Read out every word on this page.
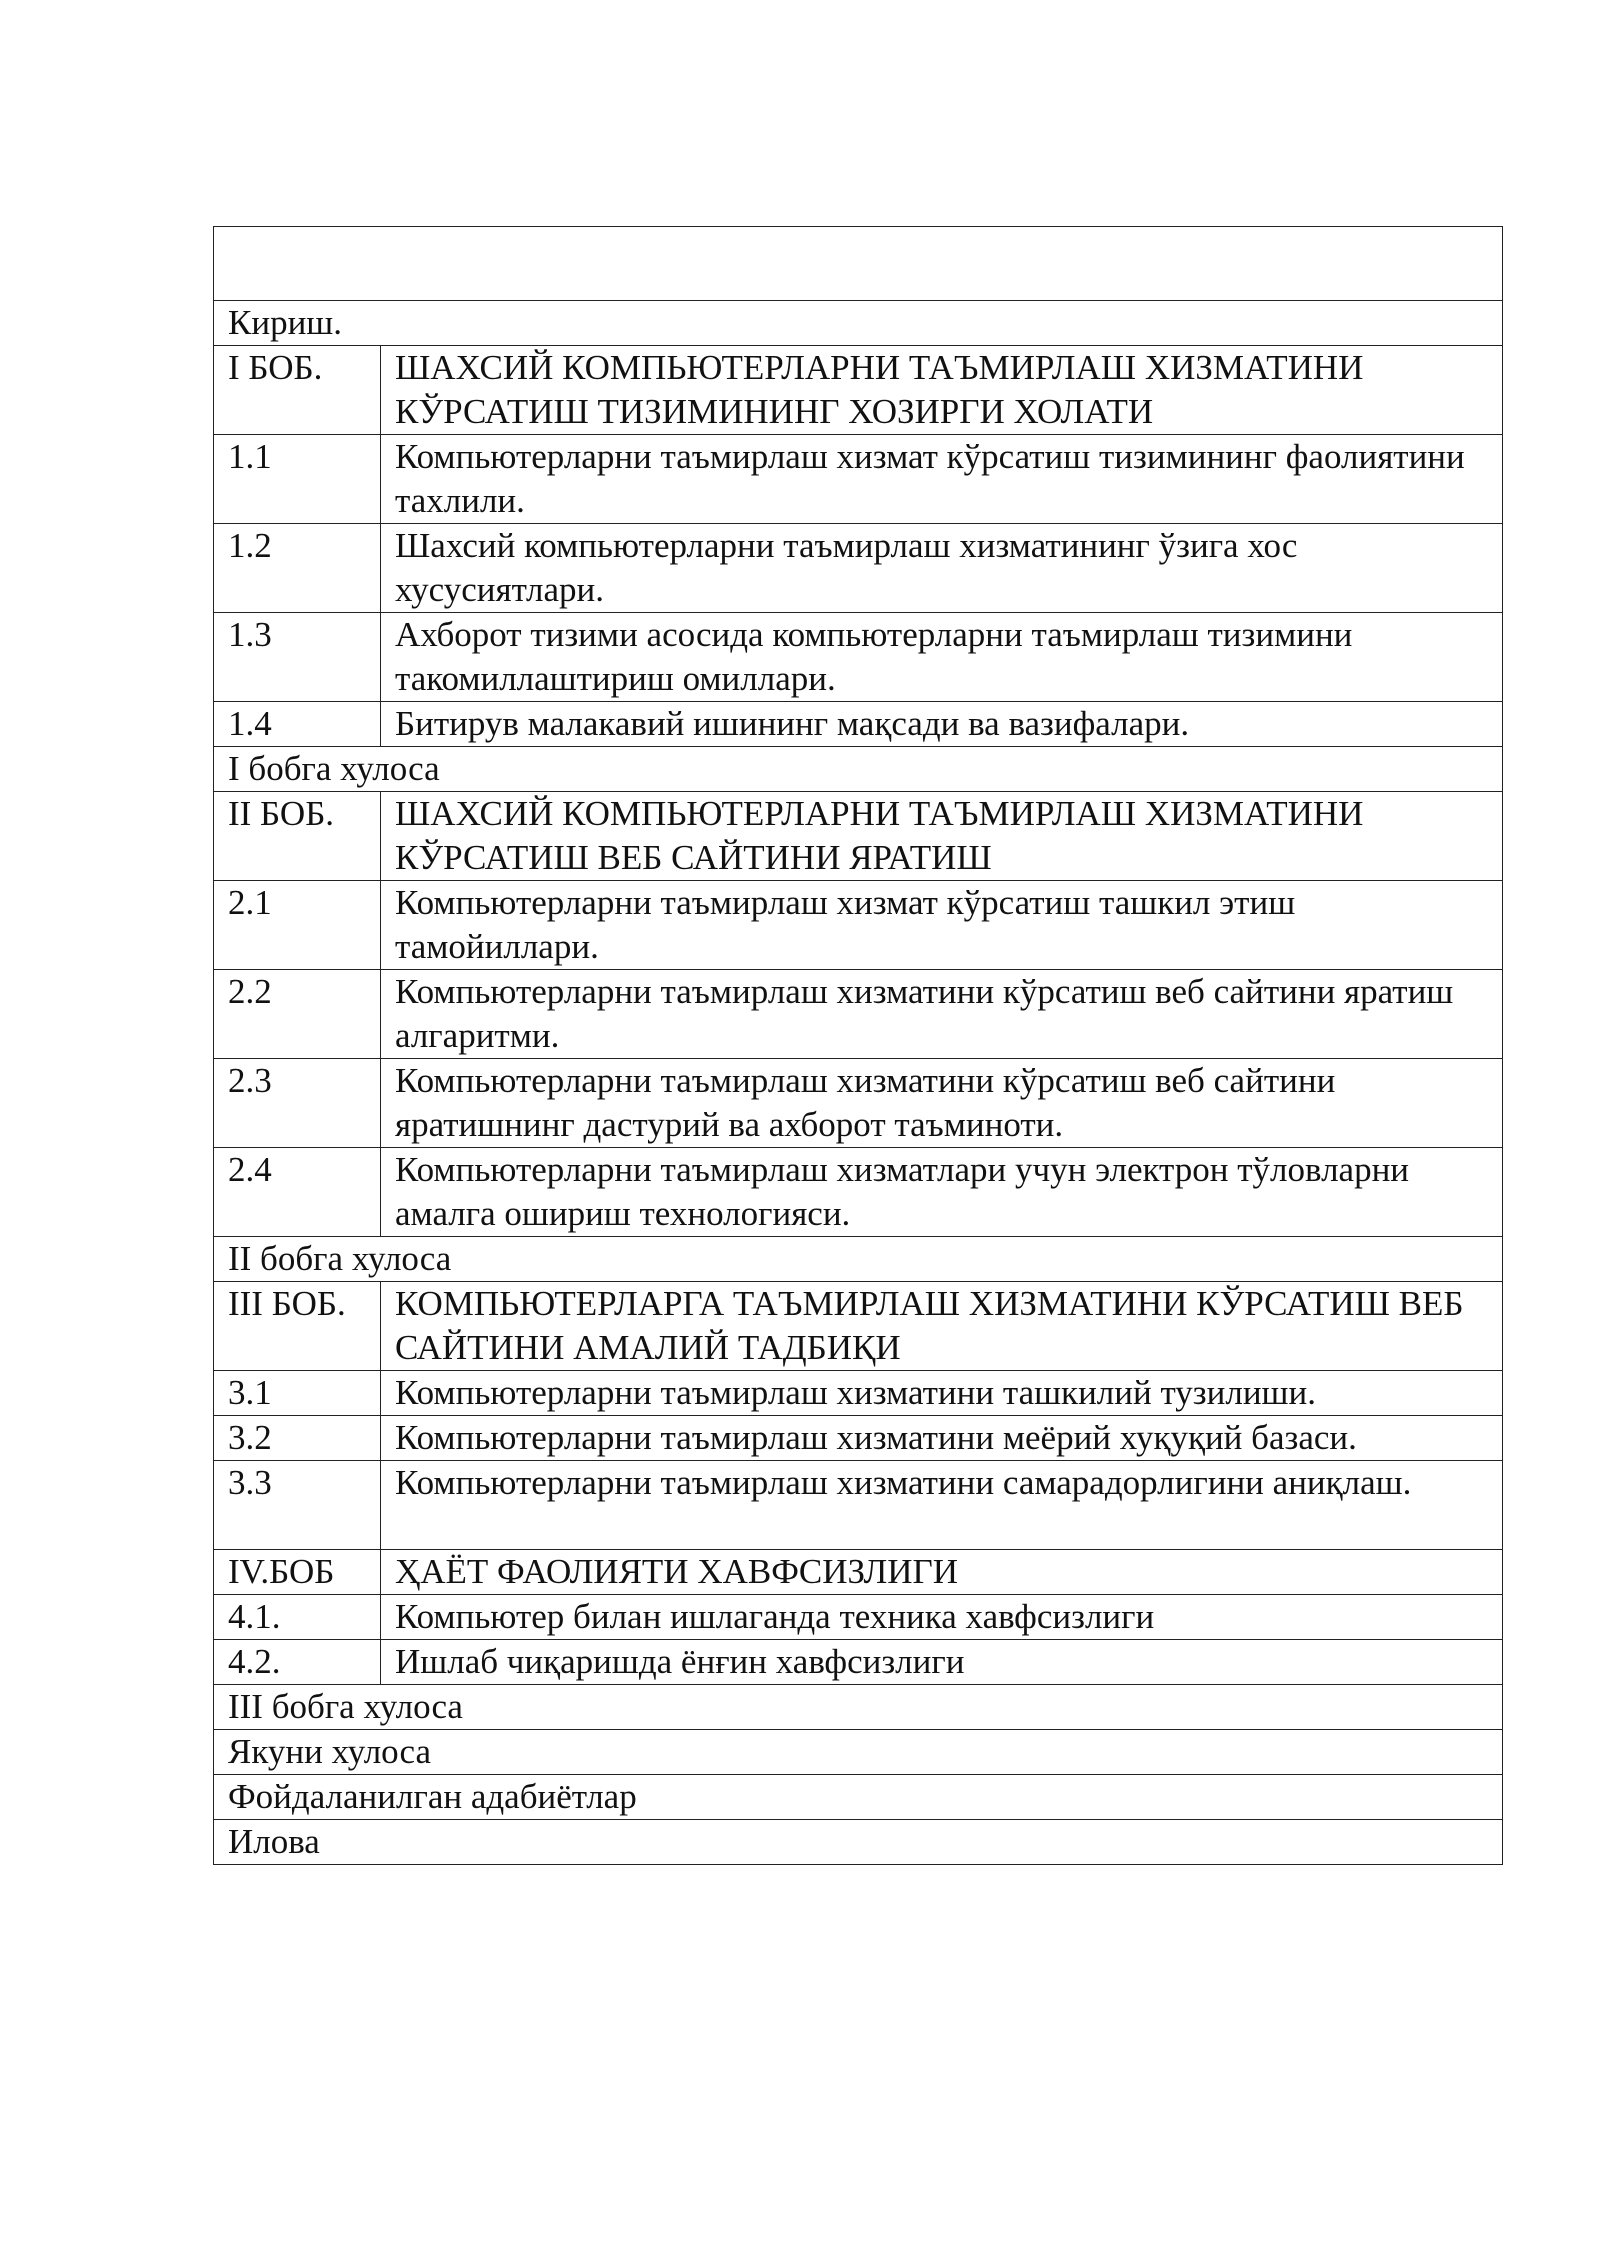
Кириш.	
I БОБ.	ШАХСИЙ КОМПЬЮТЕРЛАРНИ ТАЪМИРЛАШ ХИЗМАТИНИ КЎРСАТИШ ТИЗИМИНИНГ ХОЗИРГИ ХОЛАТИ
1.1	Компьютерларни таъмирлаш хизмат кўрсатиш тизимининг фаолиятини тахлили.
1.2	Шахсий компьютерларни таъмирлаш хизматининг ўзига хос хусусиятлари.
1.3	Ахборот тизими асосида компьютерларни таъмирлаш тизимини такомиллаштириш омиллари.
1.4	Битирув малакавий ишининг мақсади ва вазифалари.
I бобга хулоса	
II БОБ.	ШАХСИЙ КОМПЬЮТЕРЛАРНИ ТАЪМИРЛАШ ХИЗМАТИНИ КЎРСАТИШ ВЕБ САЙТИНИ ЯРАТИШ
2.1	Компьютерларни таъмирлаш хизмат кўрсатиш ташкил этиш тамойиллари.
2.2	Компьютерларни таъмирлаш хизматини кўрсатиш веб сайтини яратиш алгаритми.
2.3	Компьютерларни таъмирлаш хизматини кўрсатиш веб сайтини яратишнинг дастурий ва ахборот таъминоти.
2.4	Компьютерларни таъмирлаш хизматлари учун электрон тўловларни амалга ошириш технологияси.
II бобга хулоса	
III БОБ.	КОМПЬЮТЕРЛАРГА ТАЪМИРЛАШ ХИЗМАТИНИ КЎРСАТИШ ВЕБ САЙТИНИ АМАЛИЙ ТАДБИҚИ
3.1	Компьютерларни таъмирлаш хизматини ташкилий тузилиши.
3.2	Компьютерларни таъмирлаш хизматини меёрий хуқуқий базаси.
3.3	Компьютерларни таъмирлаш хизматини самарадорлигини аниқлаш.
IV.БОБ	ҲАЁТ ФАОЛИЯТИ ХАВФСИЗЛИГИ
4.1.	Компьютер билан ишлаганда техника хавфсизлиги
4.2.	Ишлаб чиқаришда ёнғин хавфсизлиги
III бобга хулоса	
Якуни хулоса	
Фойдаланилган адабиётлар	
Илова	
